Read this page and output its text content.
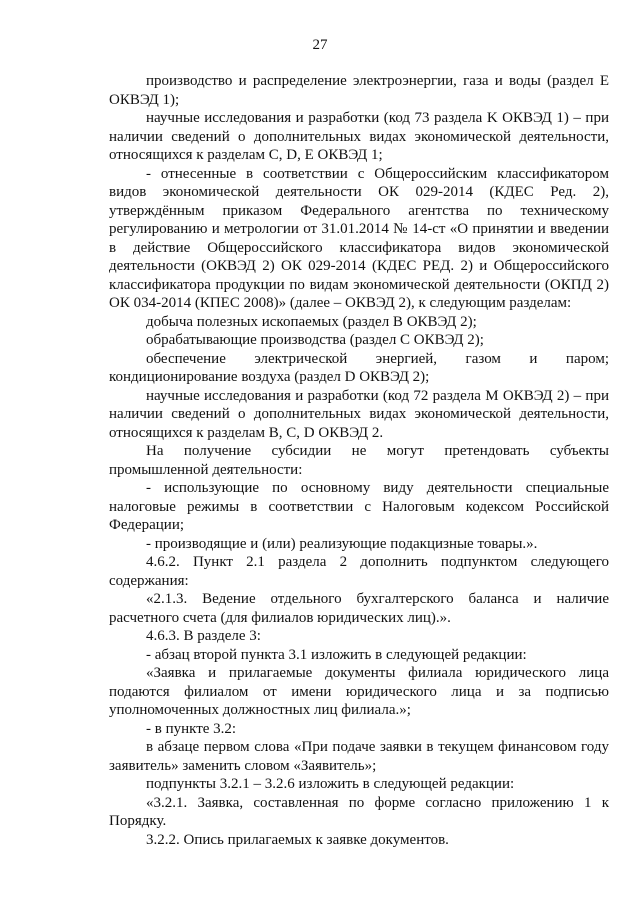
27

производство и распределение электроэнергии, газа и воды (раздел E ОКВЭД 1);

научные исследования и разработки (код 73 раздела K ОКВЭД 1) – при наличии сведений о дополнительных видах экономической деятельности, относящихся к разделам C, D, E ОКВЭД 1;

- отнесенные в соответствии с Общероссийским классификатором видов экономической деятельности ОК 029-2014 (КДЕС Ред. 2), утверждённым приказом Федерального агентства по техническому регулированию и метрологии от 31.01.2014 № 14-ст «О принятии и введении в действие Общероссийского классификатора видов экономической деятельности (ОКВЭД 2) ОК 029-2014 (КДЕС РЕД. 2) и Общероссийского классификатора продукции по видам экономической деятельности (ОКПД 2) ОК 034-2014 (КПЕС 2008)» (далее – ОКВЭД 2), к следующим разделам:

добыча полезных ископаемых (раздел B ОКВЭД 2);

обрабатывающие производства (раздел C ОКВЭД 2);

обеспечение электрической энергией, газом и паром; кондиционирование воздуха (раздел D ОКВЭД 2);

научные исследования и разработки (код 72 раздела M ОКВЭД 2) – при наличии сведений о дополнительных видах экономической деятельности, относящихся к разделам B, C, D ОКВЭД 2.

На получение субсидии не могут претендовать субъекты промышленной деятельности:

- использующие по основному виду деятельности специальные налоговые режимы в соответствии с Налоговым кодексом Российской Федерации;

- производящие и (или) реализующие подакцизные товары.».

4.6.2. Пункт 2.1 раздела 2 дополнить подпунктом следующего содержания:

«2.1.3. Ведение отдельного бухгалтерского баланса и наличие расчетного счета (для филиалов юридических лиц).».

4.6.3. В разделе 3:

- абзац второй пункта 3.1 изложить в следующей редакции:

«Заявка и прилагаемые документы филиала юридического лица подаются филиалом от имени юридического лица и за подписью уполномоченных должностных лиц филиала.»;

- в пункте 3.2:

в абзаце первом слова «При подаче заявки в текущем финансовом году заявитель» заменить словом «Заявитель»;

подпункты 3.2.1 – 3.2.6 изложить в следующей редакции:

«3.2.1. Заявка, составленная по форме согласно приложению 1 к Порядку.

3.2.2. Опись прилагаемых к заявке документов.
